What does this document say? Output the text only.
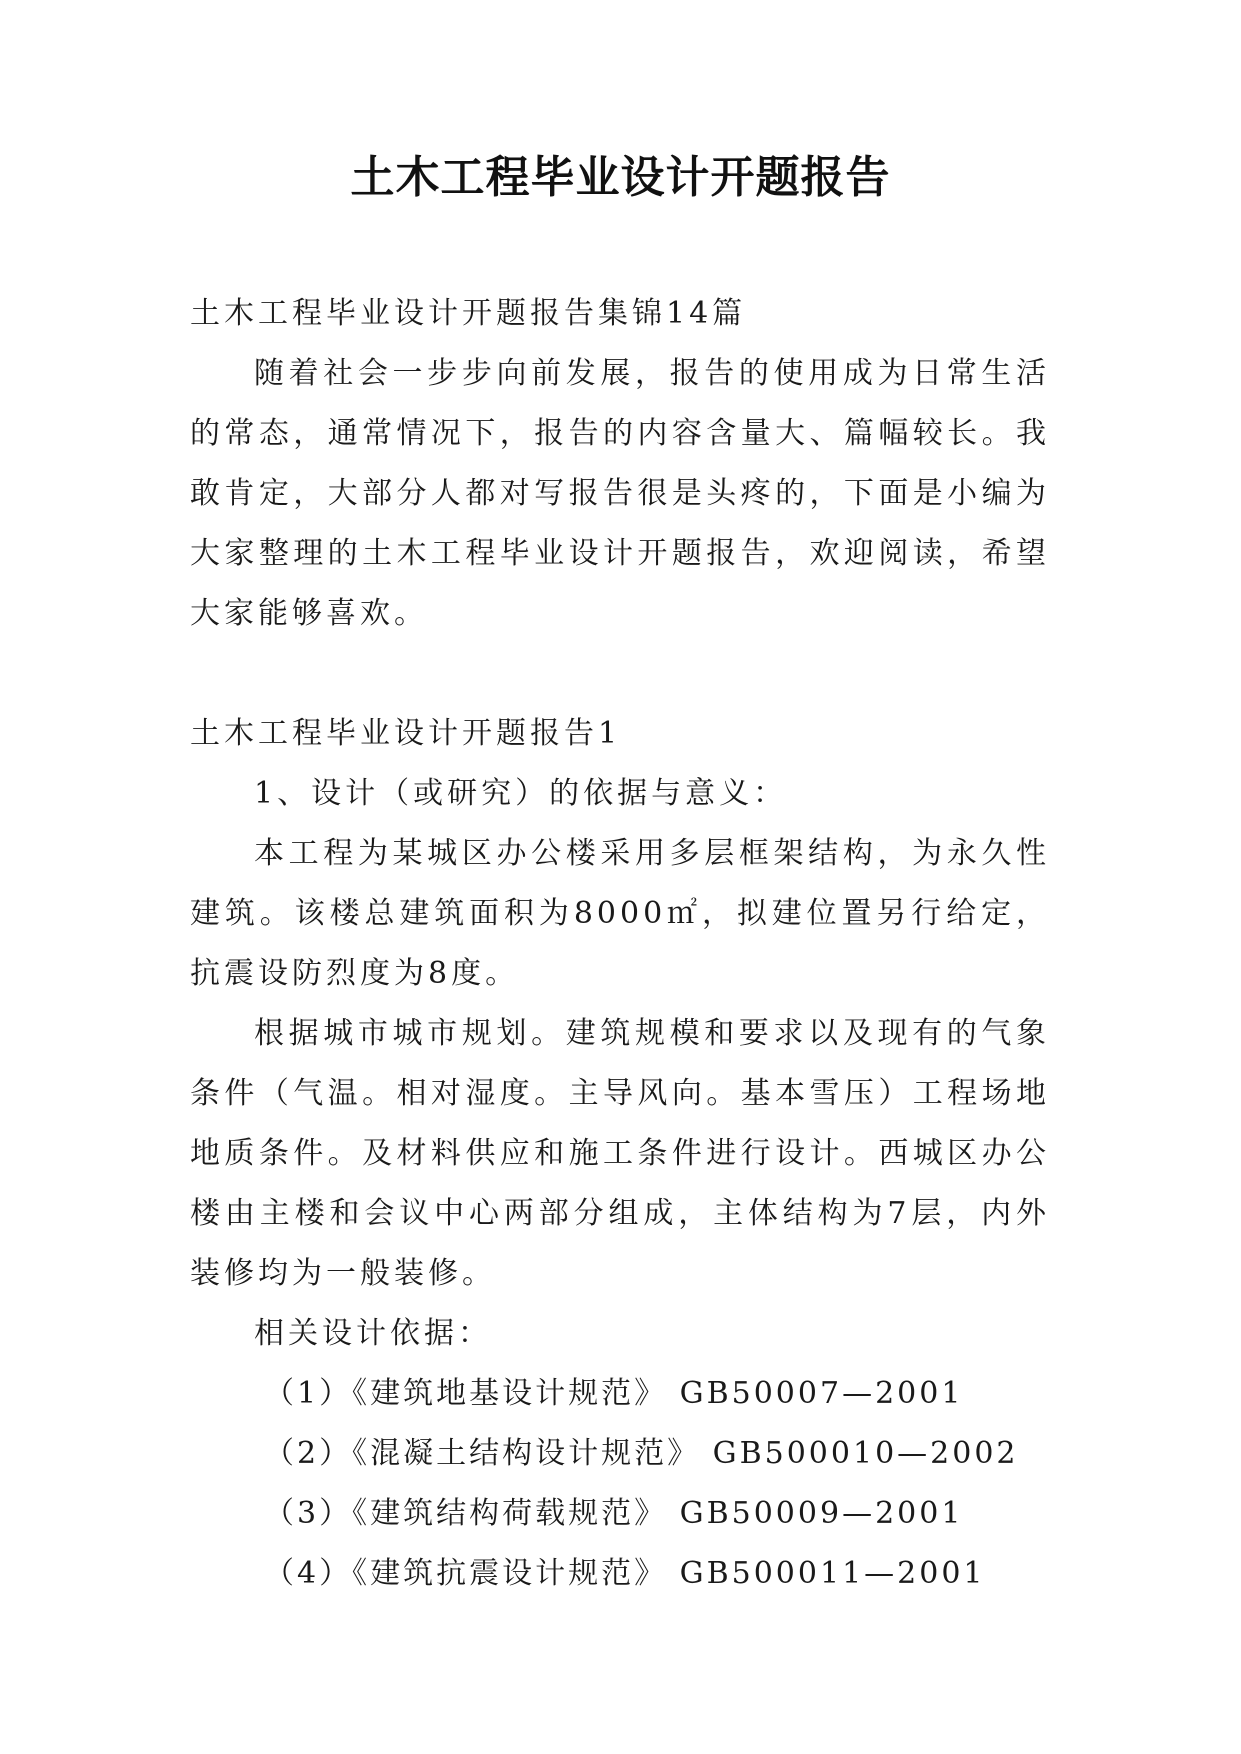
土木工程毕业设计开题报告

土木工程毕业设计开题报告集锦14篇

随着社会一步步向前发展，报告的使用成为日常生活的常态，通常情况下，报告的内容含量大、篇幅较长。我敢肯定，大部分人都对写报告很是头疼的，下面是小编为大家整理的土木工程毕业设计开题报告，欢迎阅读，希望大家能够喜欢。

土木工程毕业设计开题报告1

1、设计（或研究）的依据与意义：

本工程为某城区办公楼采用多层框架结构，为永久性建筑。该楼总建筑面积为8000㎡，拟建位置另行给定，抗震设防烈度为8度。

根据城市城市规划。建筑规模和要求以及现有的气象条件（气温。相对湿度。主导风向。基本雪压）工程场地地质条件。及材料供应和施工条件进行设计。西城区办公楼由主楼和会议中心两部分组成，主体结构为7层，内外装修均为一般装修。

相关设计依据：

（1）《建筑地基设计规范》 GB50007—2001

（2）《混凝土结构设计规范》 GB500010—2002

（3）《建筑结构荷载规范》 GB50009—2001

（4）《建筑抗震设计规范》 GB500011—2001
